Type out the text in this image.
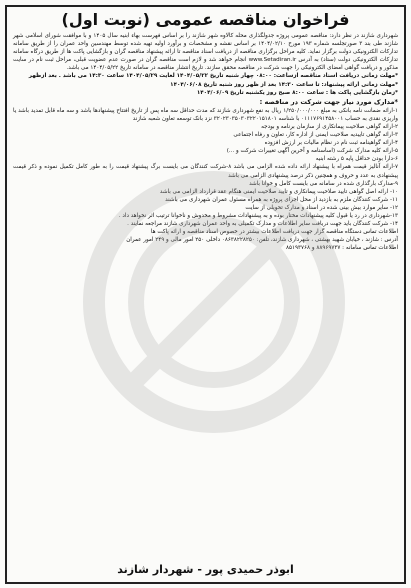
فراخوان مناقصه عمومی (نوبت اول)

شهرداری شازند در نظر دارد: مناقصه عمومی پروژه جدولگذاری محله کالاوه شهر شازند را بر اساس فهرست بهاء ابنیه سال ۱۴۰۵ و با موافقت شورای اسلامی شهر شازند طی بند ۳ صورتجلسه شماره ۱۹۳ مورخ ۱۴۰۴/۰۲/۱۰ بر اساس نقشه و مشخصات و برآورد اولیه تهیه شده توسط مهندسین واحد عمران را از طریق سامانه تدارکات الکترونیکی دولت برگزار نماید. کلیه مراحل برگزاری مناقصه از دریافت اسناد مناقصه تا ارائه پیشنهاد مناقصه گران و بازگشایی پاکت ها از طریق درگاه سامانه تدارکات الکترونیکی دولت (ستاد) به آدرس www.Setadiran.ir انجام خواهد شد و لازم است مناقصه گران در صورت عدم عضویت قبلی، مراحل ثبت نام در سایت مذکور و دریافت گواهی امضای الکترونیکی را جهت شرکت در مناقصه محقق سازند. تاریخ انتشار مناقصه در سامانه تاریخ ۱۴۰۴/۰۵/۲۲ می باشد.

*مهلت زمانی دریافت اسناد مناقصه ازساعت: ۰۸:۰۰ چهار شنبه تاریخ ۱۴۰۴/۰۵/۲۲ لغایت ۱۴۰۴/۰۵/۲۹ ساعت ۱۴:۳۰ می باشد . بعد ازظهر

*مهلت زمانی ارائه پیشنهاد: تا ساعت ۱۴:۳۰ بعد از ظهر روز شنبه تاریخ ۱۴۰۴/۰۶/۰۸

*زمان بازگشایی پاکت ها : ساعت ۸:۰۰ صبح روز یکشنبه تاریخ ۱۴۰۴/۰۶/۰۹

*مدارک مورد نیاز جهت شرکت در مناقصه :
۱-ارائه ضمانت نامه بانکی به مبلغ ۱/۲۵۰/۰۰۰/۰۰۰ ریال به نفع شهرداری شازند که مدت حداقل سه ماه پس از تاریخ افتتاح پیشنهادها باشد و سه ماه قابل تمدید باشد یا واریزی نقدی به حساب ۰۱۱۱۷۶۹۱۴۵۸۰۰۱ با شناسه ۳۲۰۲۳۰۳۵۰۳۰۳۲۲۰۱۵۱۸۰۱ نزد بانک توسعه تعاون شعبه شازند
۲-ارائه گواهی صلاحیت پیمانکاری از سازمان برنامه و بودجه
۳-ارائه گواهی تاییدیه صلاحیت ایمنی از اداره کار، تعاون و رفاه اجتماعی
۴-ارائه گواهینامه ثبت نام در نظام مالیات بر ارزش افزوده
۵-ارائه کلیه مدارک شرکت (اساسنامه و آخرین آگهی تغییرات شرکت و ...)
۶-دارا بودن حداقل پایه ۵ رشته ابنیه
۷-ارائه آنالیز قیمت همراه با پیشنهاد ارائه داده شده الزامی می باشد ۸-شرکت کنندگان می بایست برگ پیشنهاد قیمت را به طور کامل تکمیل نموده و ذکر قیمت پیشنهادی به عدد و حروف و همچنین ذکر درصد پیشنهادی الزامی می باشد
۹-مدارک بارگذاری شده در سامانه می بایست کامل و خوانا باشد
۱۰- ارائه اصل گواهی تایید صلاحیت پیمانکاری و تایید صلاحیت ایمنی هنگام عقد قرارداد الزامی می باشد
۱۱- شرکت کنندگان ملزم به بازدید از محل اجرای پروژه به همراه مسئول عمران شهرداری می باشند
۱۲- سایر موارد بیش بینی شده در اسناد و مدارک تحویلی از سایت
۱۳-شهرداری در رد یا قبول کلیه پیشنهادات مختار بوده و به پیشنهادات مشروط و مخدوش و ناخوانا ترتیب اثر نخواهد داد .
۱۴- شرکت کنندگان باید جهت دریافت سایر اطلاعات و مدارک تکمیلی به واحد عمران شهرداری شازند مراجعه نمایند .

اطلاعات تماس دستگاه مناقصه گزار جهت دریافت اطلاعات بیشتر در خصوص اسناد مناقصه و ارائه پاکت ها

آدرس : شازند ، خیابان شهید بهشتی ، شهرداری شازند، تلفن: ۰۸۶۳۸۲۲۸۲۵۰ داخلی ۲۵۰ امور مالی و ۲۴۹ امور عمران

اطلاعات تماس سامانه : ۸۸۹۶۹۷۳۷ و ۸۵۱۹۳۷۶۸

ابوذر حمیدی پور - شهردار شازند
